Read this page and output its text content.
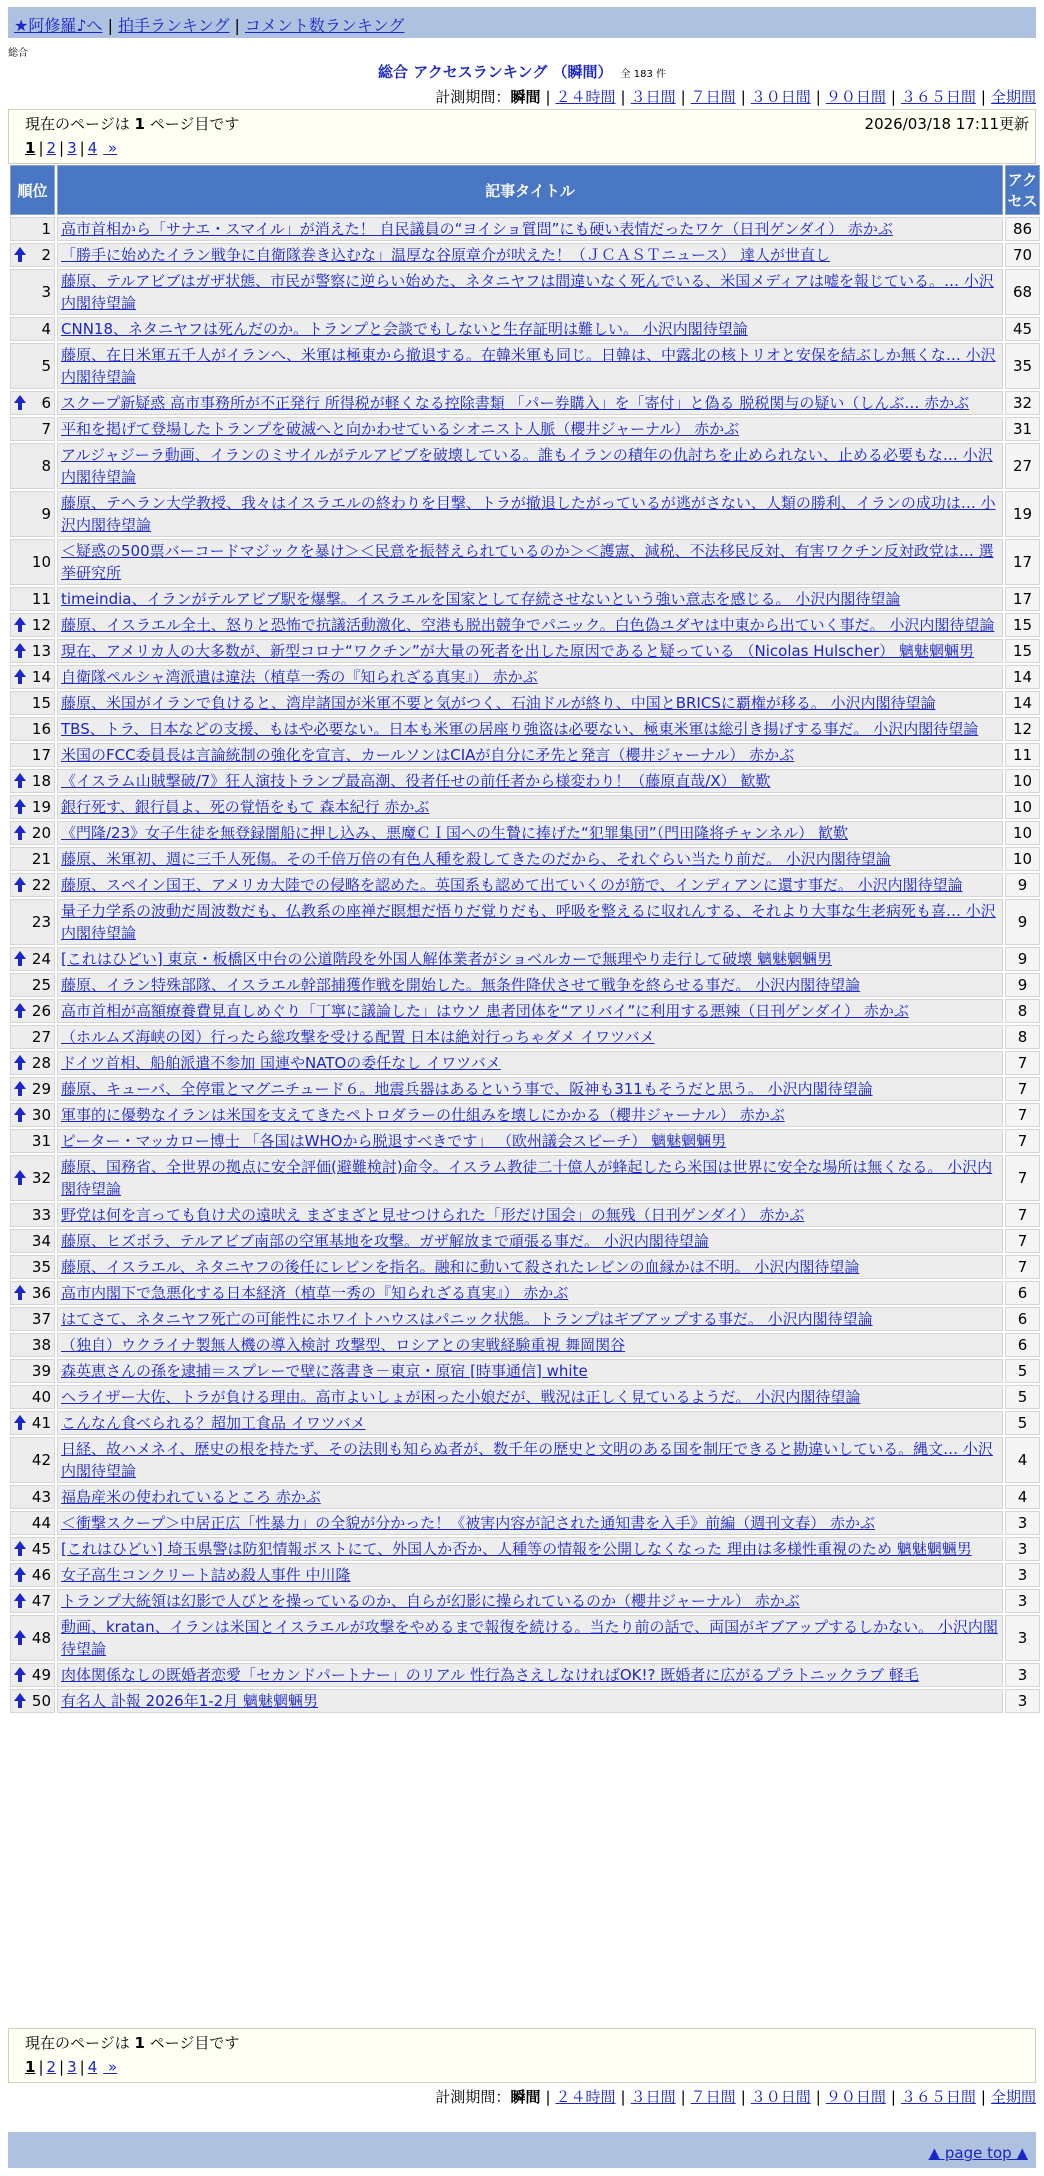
★阿修羅♪へ | 拍手ランキング | コメント数ランキング
総合
総合 アクセスランキング （瞬間） 全 183 件
計測期間：瞬間 | ２４時間 | ３日間 | ７日間 | ３０日間 | ９０日間 | ３６５日間 | 全期間
現在のページは 1 ページ目です	2026/03/18 17:11更新
1 | 2 | 3 | 4 »
順位	記事タイトル	アクセス
1	高市首相から「サナエ・スマイル」が消えた！ 自民議員の“ヨイショ質問”にも硬い表情だったワケ（日刊ゲンダイ） 赤かぶ	86

2	「勝手に始めたイラン戦争に自衛隊巻き込むな」温厚な谷原章介が吠えた！（ＪＣＡＳＴニュース） 達人が世直し	70
3	藤原、テルアビブはガザ状態、市民が警察に逆らい始めた、ネタニヤフは間違いなく死んでいる、米国メディアは嘘を報じている。… 小沢内閣待望論	68
4	CNN18、ネタニヤフは死んだのか。トランプと会談でもしないと生存証明は難しい。 小沢内閣待望論	45
5	藤原、在日米軍五千人がイランへ、米軍は極東から撤退する。在韓米軍も同じ。日韓は、中露北の核トリオと安保を結ぶしか無くな… 小沢内閣待望論	35

6	スクープ新疑惑 高市事務所が不正発行 所得税が軽くなる控除書類 「パー券購入」を「寄付」と偽る 脱税関与の疑い（しんぶ… 赤かぶ	32
7	平和を掲げて登場したトランプを破滅へと向かわせているシオニスト人脈（櫻井ジャーナル） 赤かぶ	31
8	アルジャジーラ動画、イランのミサイルがテルアビブを破壊している。誰もイランの積年の仇討ちを止められない、止める必要もな… 小沢内閣待望論	27
9	藤原、テヘラン大学教授、我々はイスラエルの終わりを目撃、トラが撤退したがっているが逃がさない、人類の勝利、イランの成功は… 小沢内閣待望論	19
10	＜疑惑の500票バーコードマジックを暴け＞＜民意を振替えられているのか＞＜護憲、減税、不法移民反対、有害ワクチン反対政党は… 選挙研究所	17
11	timeindia、イランがテルアビブ駅を爆撃。イスラエルを国家として存続させないという強い意志を感じる。 小沢内閣待望論	17

12	藤原、イスラエル全土、怒りと恐怖で抗議活動激化、空港も脱出競争でパニック。白色偽ユダヤは中東から出ていく事だ。 小沢内閣待望論	15

13	現在、アメリカ人の大多数が、新型コロナ“ワクチン”が大量の死者を出した原因であると疑っている （Nicolas Hulscher） 魑魅魍魎男	15

14	自衛隊ペルシャ湾派遣は違法（植草一秀の『知られざる真実』） 赤かぶ	14
15	藤原、米国がイランで負けると、湾岸諸国が米軍不要と気がつく、石油ドルが終り、中国とBRICSに覇権が移る。 小沢内閣待望論	14
16	TBS、トラ、日本などの支援、もはや必要ない。日本も米軍の居座り強盗は必要ない、極東米軍は総引き揚げする事だ。 小沢内閣待望論	12
17	米国のFCC委員長は言論統制の強化を宣言、カールソンはCIAが自分に矛先と発言（櫻井ジャーナル） 赤かぶ	11

18	《イスラム山賊撃破/7》狂人演技トランプ最高潮、役者任せの前任者から様変わり！（藤原直哉/X） 歓歎	10

19	銀行死す、銀行員よ、死の覚悟をもて 森本紀行 赤かぶ	10

20	《門隆/23》女子生徒を無登録闇船に押し込み、悪魔ＣＩ国への生贄に捧げた“犯罪集団”（門田隆将チャンネル） 歓歎	10
21	藤原、米軍初、週に三千人死傷。その千倍万倍の有色人種を殺してきたのだから、それぐらい当たり前だ。 小沢内閣待望論	10

22	藤原、スペイン国王、アメリカ大陸での侵略を認めた。英国系も認めて出ていくのが筋で、インディアンに還す事だ。 小沢内閣待望論	9
23	量子力学系の波動だ周波数だも、仏教系の座禅だ瞑想だ悟りだ覚りだも、呼吸を整えるに収れんする、それより大事な生老病死も喜… 小沢内閣待望論	9

24	[これはひどい] 東京・板橋区中台の公道階段を外国人解体業者がショベルカーで無理やり走行して破壊 魑魅魍魎男	9
25	藤原、イラン特殊部隊、イスラエル幹部捕獲作戦を開始した。無条件降伏させて戦争を終らせる事だ。 小沢内閣待望論	9

26	高市首相が高額療養費見直しめぐり「丁寧に議論した」はウソ 患者団体を“アリバイ”に利用する悪辣（日刊ゲンダイ） 赤かぶ	8
27	（ホルムズ海峡の図）行ったら総攻撃を受ける配置 日本は絶対行っちゃダメ イワツバメ	8

28	ドイツ首相、船舶派遣不参加 国連やNATOの委任なし イワツバメ	7

29	藤原、キューバ、全停電とマグニチュード６。地震兵器はあるという事で、阪神も311もそうだと思う。 小沢内閣待望論	7

30	軍事的に優勢なイランは米国を支えてきたペトロダラーの仕組みを壊しにかかる（櫻井ジャーナル） 赤かぶ	7
31	ピーター・マッカロー博士 「各国はWHOから脱退すべきです」 （欧州議会スピーチ） 魑魅魍魎男	7

32	藤原、国務省、全世界の拠点に安全評価(避難検討)命令。イスラム教徒二十億人が蜂起したら米国は世界に安全な場所は無くなる。 小沢内閣待望論	7
33	野党は何を言っても負け犬の遠吠え まざまざと見せつけられた「形だけ国会」の無残（日刊ゲンダイ） 赤かぶ	7
34	藤原、ヒズボラ、テルアビブ南部の空軍基地を攻撃。ガザ解放まで頑張る事だ。 小沢内閣待望論	7
35	藤原、イスラエル、ネタニヤフの後任にレビンを指名。融和に動いて殺されたレビンの血縁かは不明。 小沢内閣待望論	7

36	高市内閣下で急悪化する日本経済（植草一秀の『知られざる真実』） 赤かぶ	6
37	はてさて、ネタニヤフ死亡の可能性にホワイトハウスはパニック状態。トランプはギブアップする事だ。 小沢内閣待望論	6
38	（独自）ウクライナ製無人機の導入検討 攻撃型、ロシアとの実戦経験重視 舞岡関谷	6
39	森英恵さんの孫を逮捕＝スプレーで壁に落書き－東京・原宿 [時事通信] white	5
40	ヘライザー大佐、トラが負ける理由。高市よいしょが困った小娘だが、戦況は正しく見ているようだ。 小沢内閣待望論	5

41	こんなん食べられる？超加工食品 イワツバメ	5
42	日経、故ハメネイ、歴史の根を持たず、その法則も知らぬ者が、数千年の歴史と文明のある国を制圧できると勘違いしている。縄文… 小沢内閣待望論	4
43	福島産米の使われているところ 赤かぶ	4
44	＜衝撃スクープ＞中居正広「性暴力」の全貌が分かった！《被害内容が記された通知書を入手》前編（週刊文春） 赤かぶ	3

45	[これはひどい] 埼玉県警は防犯情報ポストにて、外国人か否か、人種等の情報を公開しなくなった 理由は多様性重視のため 魑魅魍魎男	3

46	女子高生コンクリート詰め殺人事件 中川隆	3

47	トランプ大統領は幻影で人びとを操っているのか、自らが幻影に操られているのか（櫻井ジャーナル） 赤かぶ	3

48	動画、kratan、イランは米国とイスラエルが攻撃をやめるまで報復を続ける。当たり前の話で、両国がギブアップするしかない。 小沢内閣待望論	3

49	肉体関係なしの既婚者恋愛「セカンドパートナー」のリアル 性行為さえしなければOK!? 既婚者に広がるプラトニックラブ 軽毛	3

50	有名人 訃報 2026年1-2月 魑魅魍魎男	3
現在のページは 1 ページ目です
1 | 2 | 3 | 4 »
計測期間：瞬間 | ２４時間 | ３日間 | ７日間 | ３０日間 | ９０日間 | ３６５日間 | 全期間
▲ page top ▲
